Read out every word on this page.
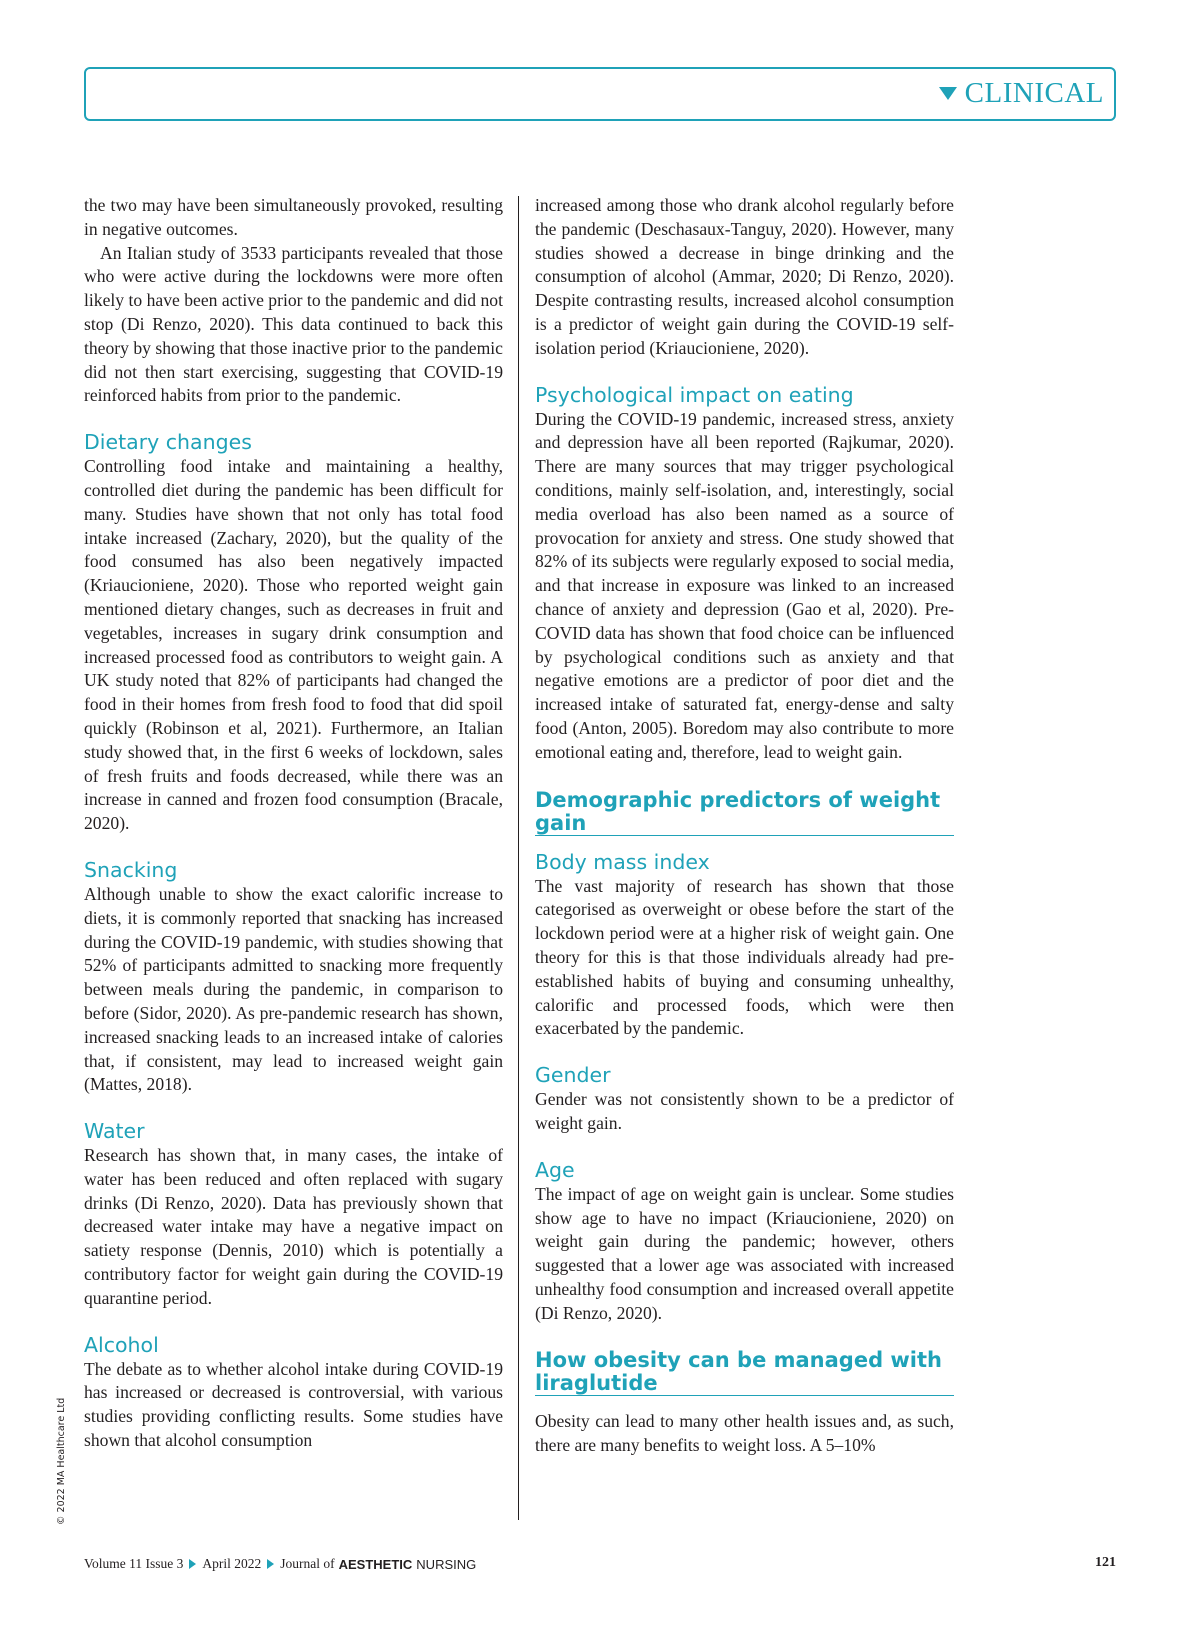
CLINICAL

the two may have been simultaneously provoked, resulting in negative outcomes.

An Italian study of 3533 participants revealed that those who were active during the lockdowns were more often likely to have been active prior to the pandemic and did not stop (Di Renzo, 2020). This data continued to back this theory by showing that those inactive prior to the pandemic did not then start exercising, suggesting that COVID-19 reinforced habits from prior to the pandemic.

Dietary changes

Controlling food intake and maintaining a healthy, controlled diet during the pandemic has been difficult for many. Studies have shown that not only has total food intake increased (Zachary, 2020), but the quality of the food consumed has also been negatively impacted (Kriaucioniene, 2020). Those who reported weight gain mentioned dietary changes, such as decreases in fruit and vegetables, increases in sugary drink consumption and increased processed food as contributors to weight gain. A UK study noted that 82% of participants had changed the food in their homes from fresh food to food that did spoil quickly (Robinson et al, 2021). Furthermore, an Italian study showed that, in the first 6 weeks of lockdown, sales of fresh fruits and foods decreased, while there was an increase in canned and frozen food consumption (Bracale, 2020).

Snacking

Although unable to show the exact calorific increase to diets, it is commonly reported that snacking has increased during the COVID-19 pandemic, with studies showing that 52% of participants admitted to snacking more frequently between meals during the pandemic, in comparison to before (Sidor, 2020). As pre-pandemic research has shown, increased snacking leads to an increased intake of calories that, if consistent, may lead to increased weight gain (Mattes, 2018).

Water

Research has shown that, in many cases, the intake of water has been reduced and often replaced with sugary drinks (Di Renzo, 2020). Data has previously shown that decreased water intake may have a negative impact on satiety response (Dennis, 2010) which is potentially a contributory factor for weight gain during the COVID-19 quarantine period.

Alcohol

The debate as to whether alcohol intake during COVID-19 has increased or decreased is controversial, with various studies providing conflicting results. Some studies have shown that alcohol consumption

increased among those who drank alcohol regularly before the pandemic (Deschasaux-Tanguy, 2020). However, many studies showed a decrease in binge drinking and the consumption of alcohol (Ammar, 2020; Di Renzo, 2020). Despite contrasting results, increased alcohol consumption is a predictor of weight gain during the COVID-19 self-isolation period (Kriaucioniene, 2020).

Psychological impact on eating

During the COVID-19 pandemic, increased stress, anxiety and depression have all been reported (Rajkumar, 2020). There are many sources that may trigger psychological conditions, mainly self-isolation, and, interestingly, social media overload has also been named as a source of provocation for anxiety and stress. One study showed that 82% of its subjects were regularly exposed to social media, and that increase in exposure was linked to an increased chance of anxiety and depression (Gao et al, 2020). Pre-COVID data has shown that food choice can be influenced by psychological conditions such as anxiety and that negative emotions are a predictor of poor diet and the increased intake of saturated fat, energy-dense and salty food (Anton, 2005). Boredom may also contribute to more emotional eating and, therefore, lead to weight gain.

Demographic predictors of weight gain
Body mass index

The vast majority of research has shown that those categorised as overweight or obese before the start of the lockdown period were at a higher risk of weight gain. One theory for this is that those individuals already had pre-established habits of buying and consuming unhealthy, calorific and processed foods, which were then exacerbated by the pandemic.

Gender

Gender was not consistently shown to be a predictor of weight gain.

Age

The impact of age on weight gain is unclear. Some studies show age to have no impact (Kriaucioniene, 2020) on weight gain during the pandemic; however, others suggested that a lower age was associated with increased unhealthy food consumption and increased overall appetite (Di Renzo, 2020).

How obesity can be managed with liraglutide

Obesity can lead to many other health issues and, as such, there are many benefits to weight loss. A 5–10%

© 2022 MA Healthcare Ltd
Volume 11 Issue 3 April 2022 Journal of AESTHETIC NURSING	121
